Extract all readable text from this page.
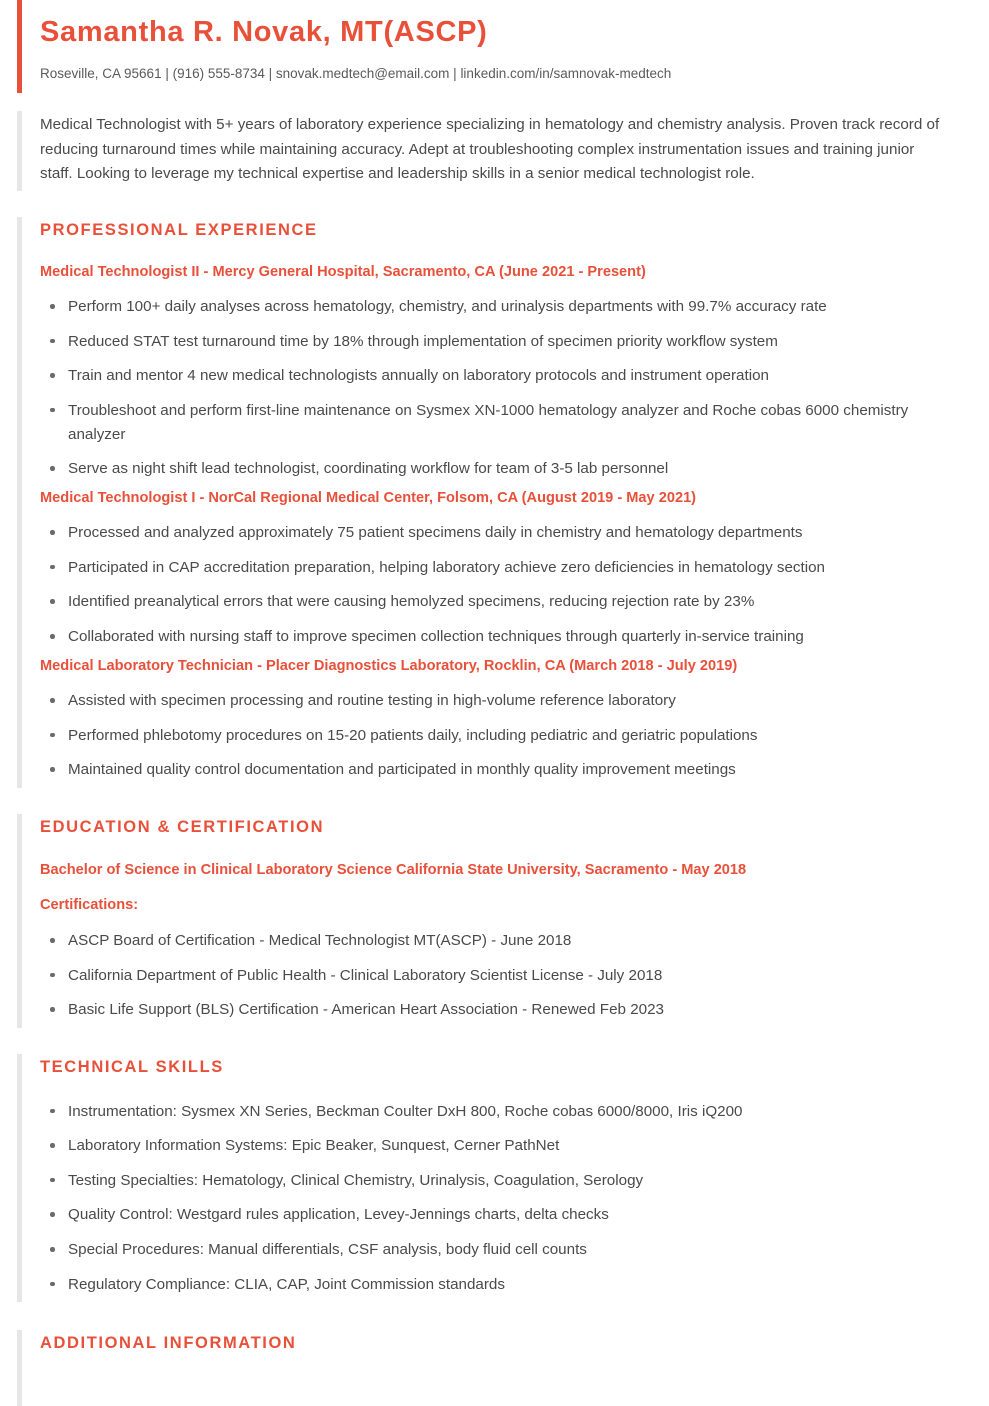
Samantha R. Novak, MT(ASCP)

Roseville, CA 95661 | (916) 555-8734 | snovak.medtech@email.com | linkedin.com/in/samnovak-medtech

Medical Technologist with 5+ years of laboratory experience specializing in hematology and chemistry analysis. Proven track record of reducing turnaround times while maintaining accuracy. Adept at troubleshooting complex instrumentation issues and training junior staff. Looking to leverage my technical expertise and leadership skills in a senior medical technologist role.

PROFESSIONAL EXPERIENCE
Medical Technologist II - Mercy General Hospital, Sacramento, CA (June 2021 - Present)
Perform 100+ daily analyses across hematology, chemistry, and urinalysis departments with 99.7% accuracy rate
Reduced STAT test turnaround time by 18% through implementation of specimen priority workflow system
Train and mentor 4 new medical technologists annually on laboratory protocols and instrument operation
Troubleshoot and perform first-line maintenance on Sysmex XN-1000 hematology analyzer and Roche cobas 6000 chemistry analyzer
Serve as night shift lead technologist, coordinating workflow for team of 3-5 lab personnel
Medical Technologist I - NorCal Regional Medical Center, Folsom, CA (August 2019 - May 2021)
Processed and analyzed approximately 75 patient specimens daily in chemistry and hematology departments
Participated in CAP accreditation preparation, helping laboratory achieve zero deficiencies in hematology section
Identified preanalytical errors that were causing hemolyzed specimens, reducing rejection rate by 23%
Collaborated with nursing staff to improve specimen collection techniques through quarterly in-service training
Medical Laboratory Technician - Placer Diagnostics Laboratory, Rocklin, CA (March 2018 - July 2019)
Assisted with specimen processing and routine testing in high-volume reference laboratory
Performed phlebotomy procedures on 15-20 patients daily, including pediatric and geriatric populations
Maintained quality control documentation and participated in monthly quality improvement meetings
EDUCATION & CERTIFICATION

Bachelor of Science in Clinical Laboratory Science California State University, Sacramento - May 2018

Certifications:

ASCP Board of Certification - Medical Technologist MT(ASCP) - June 2018
California Department of Public Health - Clinical Laboratory Scientist License - July 2018
Basic Life Support (BLS) Certification - American Heart Association - Renewed Feb 2023
TECHNICAL SKILLS
Instrumentation: Sysmex XN Series, Beckman Coulter DxH 800, Roche cobas 6000/8000, Iris iQ200
Laboratory Information Systems: Epic Beaker, Sunquest, Cerner PathNet
Testing Specialties: Hematology, Clinical Chemistry, Urinalysis, Coagulation, Serology
Quality Control: Westgard rules application, Levey-Jennings charts, delta checks
Special Procedures: Manual differentials, CSF analysis, body fluid cell counts
Regulatory Compliance: CLIA, CAP, Joint Commission standards
ADDITIONAL INFORMATION
